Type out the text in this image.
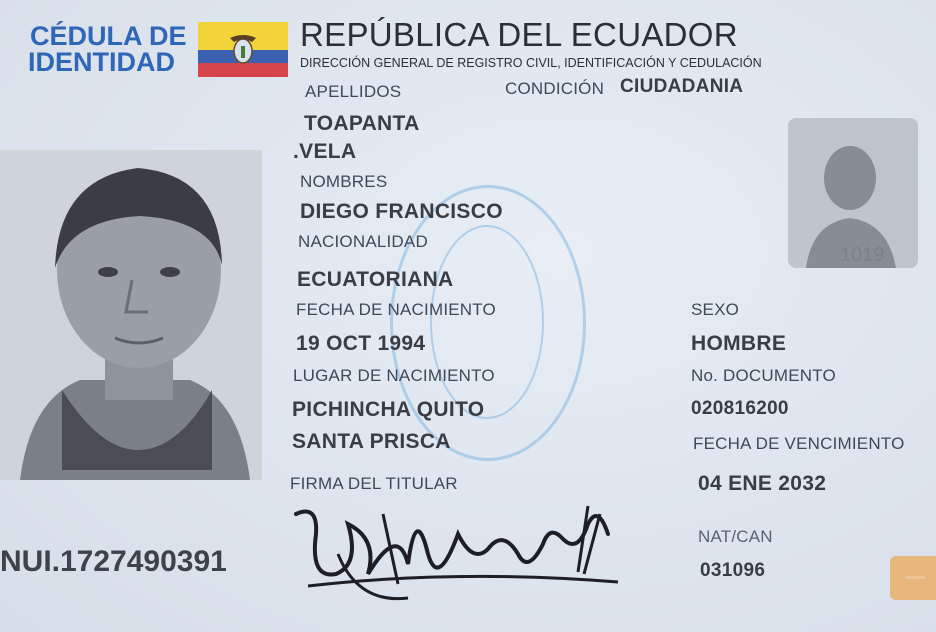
CÉDULA DE
IDENTIDAD
REPÚBLICA DEL ECUADOR
DIRECCIÓN GENERAL DE REGISTRO CIVIL, IDENTIFICACIÓN Y CEDULACIÓN
1019
APELLIDOS	CONDICIÓN CIUDADANIA
TOAPANTA
.VELA
NOMBRES
DIEGO FRANCISCO
NACIONALIDAD
ECUATORIANA
FECHA DE NACIMIENTO
19 OCT 1994
LUGAR DE NACIMIENTO
PICHINCHA QUITO
SANTA PRISCA
FIRMA DEL TITULAR
SEXO
HOMBRE
No. DOCUMENTO
020816200
FECHA DE VENCIMIENTO
04 ENE 2032
NAT/CAN
031096
NUI.1727490391
